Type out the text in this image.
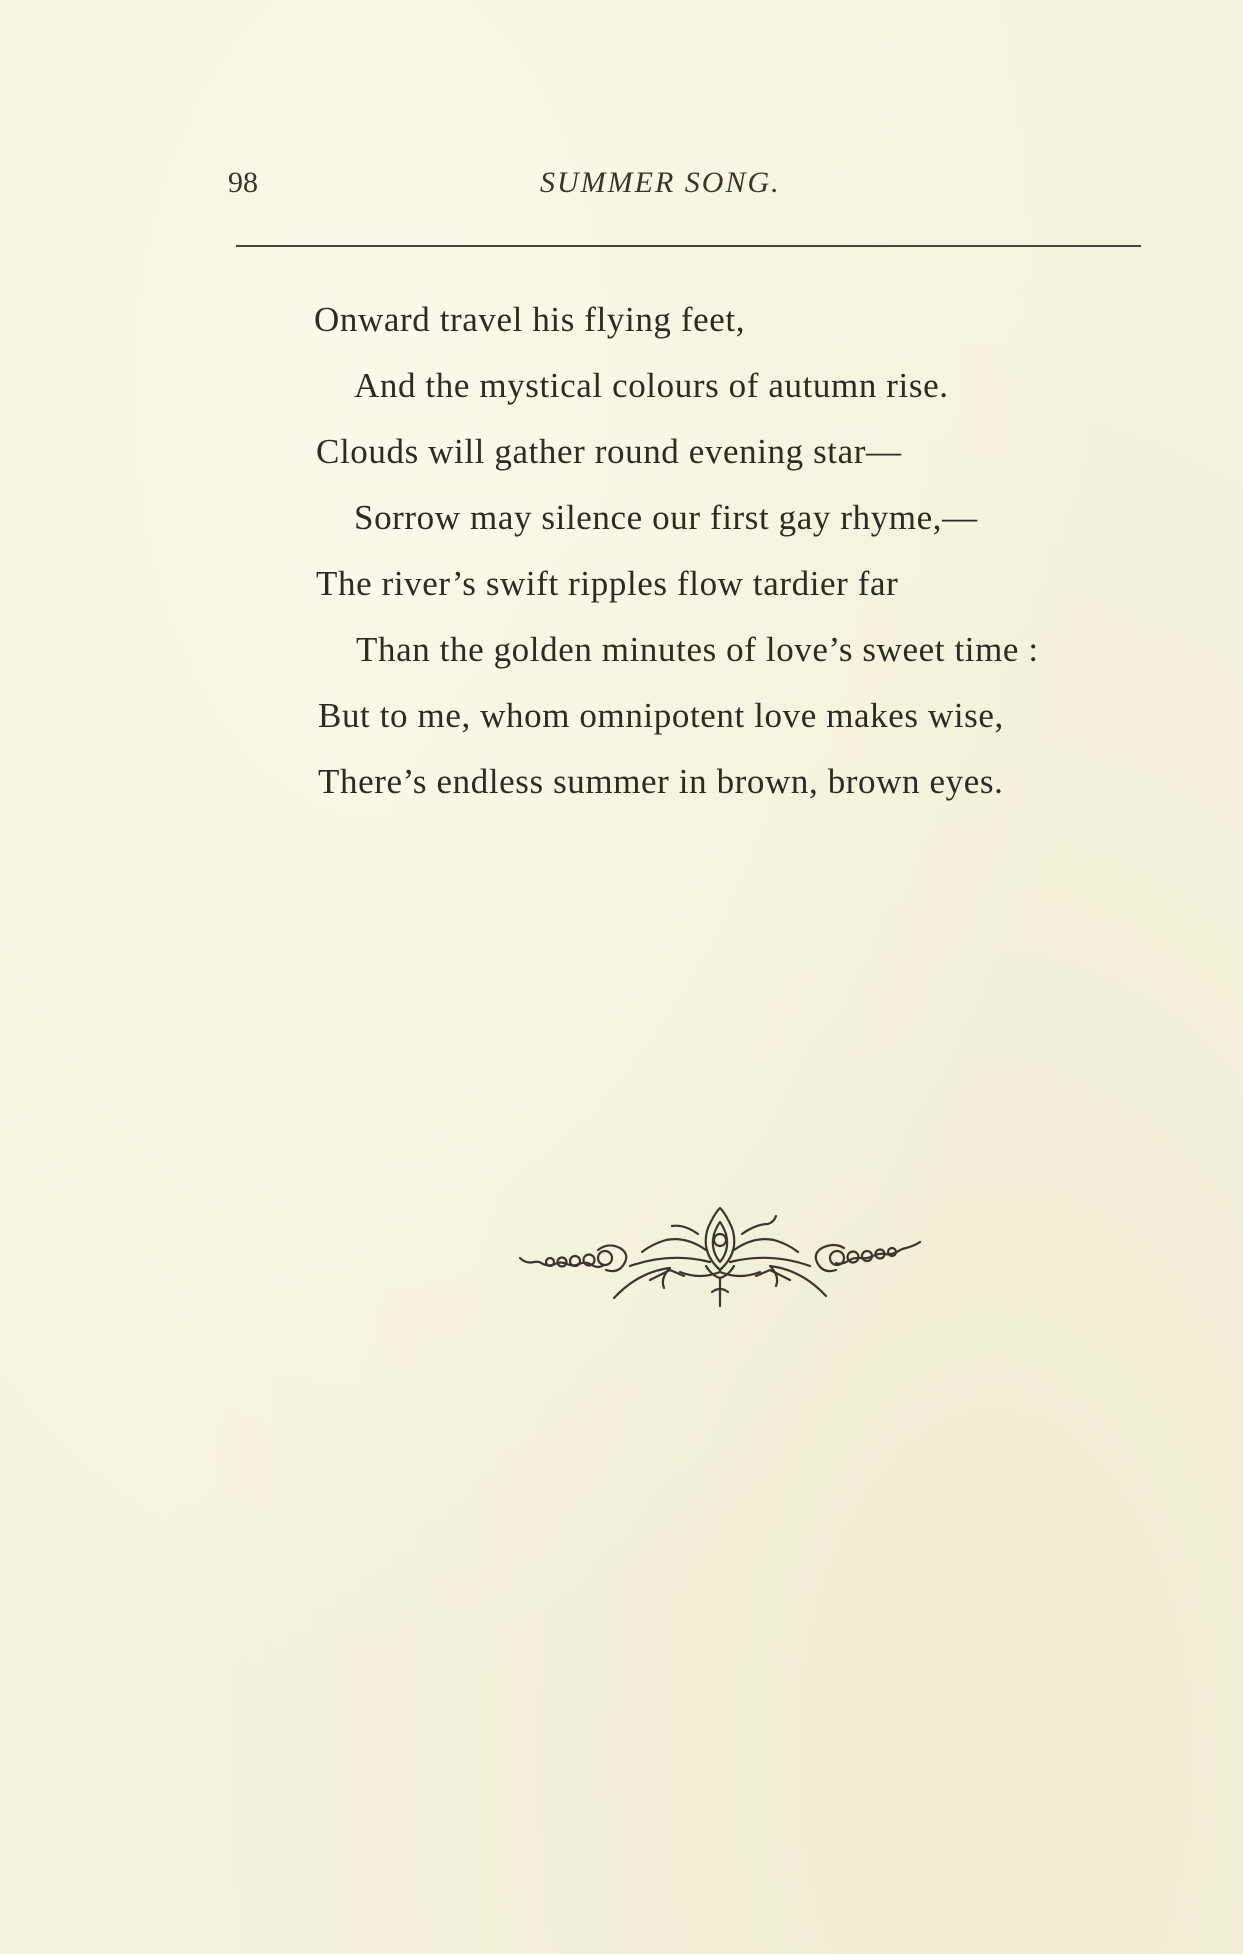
98	SUMMER SONG.
Onward travel his flying feet,
And the mystical colours of autumn rise.
Clouds will gather round evening star—
Sorrow may silence our first gay rhyme,—
The river’s swift ripples flow tardier far
Than the golden minutes of love’s sweet time :
But to me, whom omnipotent love makes wise,
There’s endless summer in brown, brown eyes.
